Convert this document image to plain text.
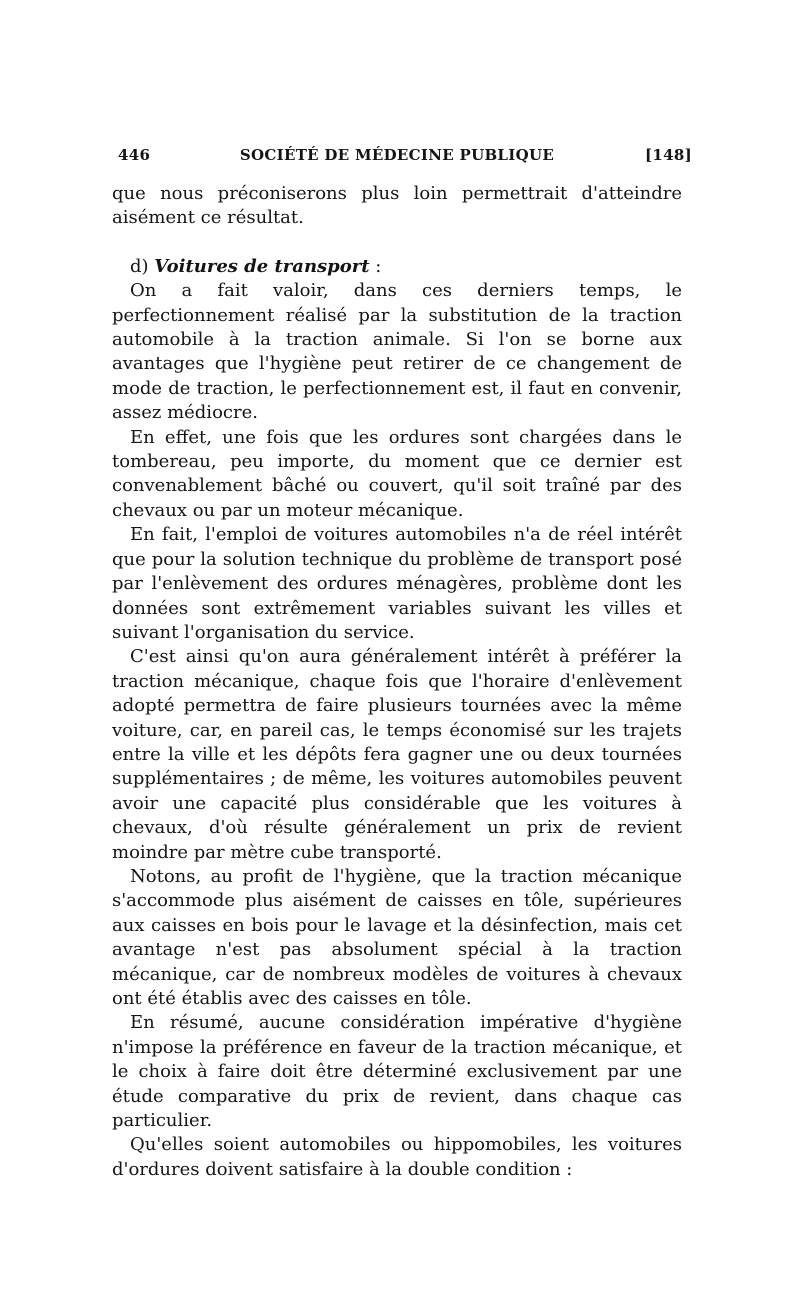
446	SOCIÉTÉ DE MÉDECINE PUBLIQUE	[148]

que nous préconiserons plus loin permettrait d'atteindre aisément ce résultat.

d) Voitures de transport :

On a fait valoir, dans ces derniers temps, le perfectionnement réalisé par la substitution de la traction automobile à la traction animale. Si l'on se borne aux avantages que l'hygiène peut retirer de ce changement de mode de traction, le perfectionnement est, il faut en convenir, assez médiocre.

En effet, une fois que les ordures sont chargées dans le tombereau, peu importe, du moment que ce dernier est convenablement bâché ou couvert, qu'il soit traîné par des chevaux ou par un moteur mécanique.

En fait, l'emploi de voitures automobiles n'a de réel intérêt que pour la solution technique du problème de transport posé par l'enlèvement des ordures ménagères, problème dont les données sont extrêmement variables suivant les villes et suivant l'organisation du service.

C'est ainsi qu'on aura généralement intérêt à préférer la traction mécanique, chaque fois que l'horaire d'enlèvement adopté permettra de faire plusieurs tournées avec la même voiture, car, en pareil cas, le temps économisé sur les trajets entre la ville et les dépôts fera gagner une ou deux tournées supplémentaires ; de même, les voitures automobiles peuvent avoir une capacité plus considérable que les voitures à chevaux, d'où résulte généralement un prix de revient moindre par mètre cube transporté.

Notons, au profit de l'hygiène, que la traction mécanique s'accommode plus aisément de caisses en tôle, supérieures aux caisses en bois pour le lavage et la désinfection, mais cet avantage n'est pas absolument spécial à la traction mécanique, car de nombreux modèles de voitures à chevaux ont été établis avec des caisses en tôle.

En résumé, aucune considération impérative d'hygiène n'impose la préférence en faveur de la traction mécanique, et le choix à faire doit être déterminé exclusivement par une étude comparative du prix de revient, dans chaque cas particulier.

Qu'elles soient automobiles ou hippomobiles, les voitures d'ordures doivent satisfaire à la double condition :
